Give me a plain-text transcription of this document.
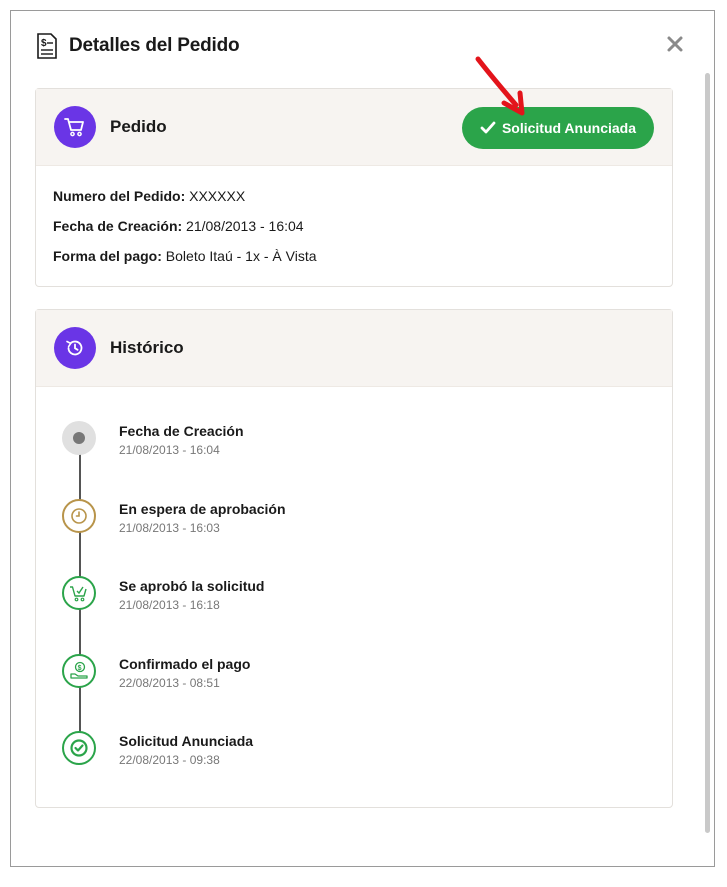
$ Detalles del Pedido
Pedido	Solicitud Anunciada
Numero del Pedido: XXXXXX
Fecha de Creación: 21/08/2013 - 16:04
Forma del pago: Boleto Itaú - 1x - À Vista
Histórico
Fecha de Creación
21/08/2013 - 16:04
En espera de aprobación
21/08/2013 - 16:03
Se aprobó la solicitud
21/08/2013 - 16:18
$	Confirmado el pago
22/08/2013 - 08:51
Solicitud Anunciada
22/08/2013 - 09:38
